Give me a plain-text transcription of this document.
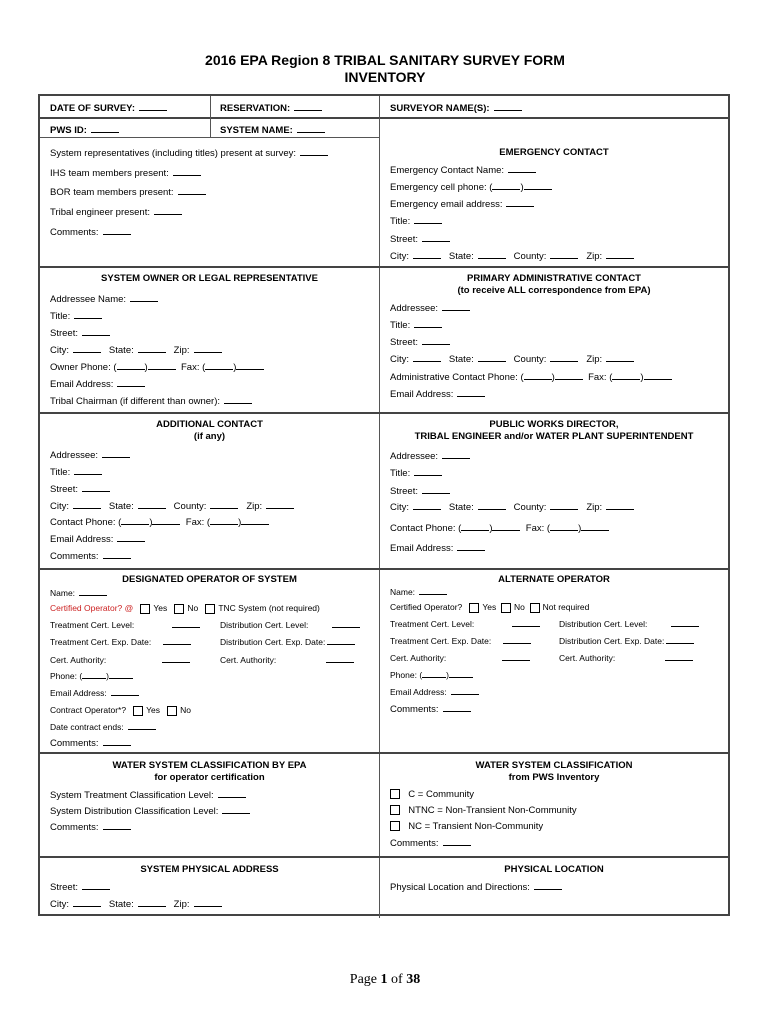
2016 EPA Region 8 TRIBAL SANITARY SURVEY FORM
INVENTORY
DATE OF SURVEY:	RESERVATION:	SURVEYOR NAME(S):
PWS ID:	SYSTEM NAME:
System representatives (including titles) present at survey:
IHS team members present:
BOR team members present:
Tribal engineer present:
Comments:
EMERGENCY CONTACT
Emergency Contact Name:
Emergency cell phone: (	)
Emergency email address:
Title:
Street:
City:	State:	County:	Zip:
SYSTEM OWNER OR LEGAL REPRESENTATIVE
Addressee Name:
Title:
Street:
City:	State:	Zip:
Owner Phone: (	)	Fax: (	)
Email Address:
Tribal Chairman (if different than owner):
PRIMARY ADMINISTRATIVE CONTACT
(to receive ALL correspondence from EPA)
Addressee:
Title:
Street:
City:	State:	County:	Zip:
Administrative Contact Phone: (	)	Fax: (	)
Email Address:
ADDITIONAL CONTACT
(if any)
Addressee:
Title:
Street:
City:	State:	County:	Zip:
Contact Phone: (	)	Fax: (	)
Email Address:
Comments:
PUBLIC WORKS DIRECTOR,
TRIBAL ENGINEER and/or WATER PLANT SUPERINTENDENT
Addressee:
Title:
Street:
City:	State:	County:	Zip:
Contact Phone: (	)	Fax: (	)
Email Address:
DESIGNATED OPERATOR OF SYSTEM
Name:
Certified Operator? @ Yes No TNC System (not required)
Treatment Cert. Level:	Distribution Cert. Level:
Treatment Cert. Exp. Date:	Distribution Cert. Exp. Date:
Cert. Authority:	Cert. Authority:
Phone: (	)
Email Address:
Contract Operator*? Yes No
Date contract ends:
Comments:
ALTERNATE OPERATOR
Name:
Certified Operator? Yes No Not required
Treatment Cert. Level:	Distribution Cert. Level:
Treatment Cert. Exp. Date:	Distribution Cert. Exp. Date:
Cert. Authority:	Cert. Authority:
Phone: (	)
Email Address:
Comments:
WATER SYSTEM CLASSIFICATION BY EPA
for operator certification
System Treatment Classification Level:
System Distribution Classification Level:
Comments:
WATER SYSTEM CLASSIFICATION
from PWS Inventory
C = Community
NTNC = Non-Transient Non-Community
NC = Transient Non-Community
Comments:
SYSTEM PHYSICAL ADDRESS
Street:
City:	State:	Zip:
PHYSICAL LOCATION
Physical Location and Directions:
Page 1 of 38
